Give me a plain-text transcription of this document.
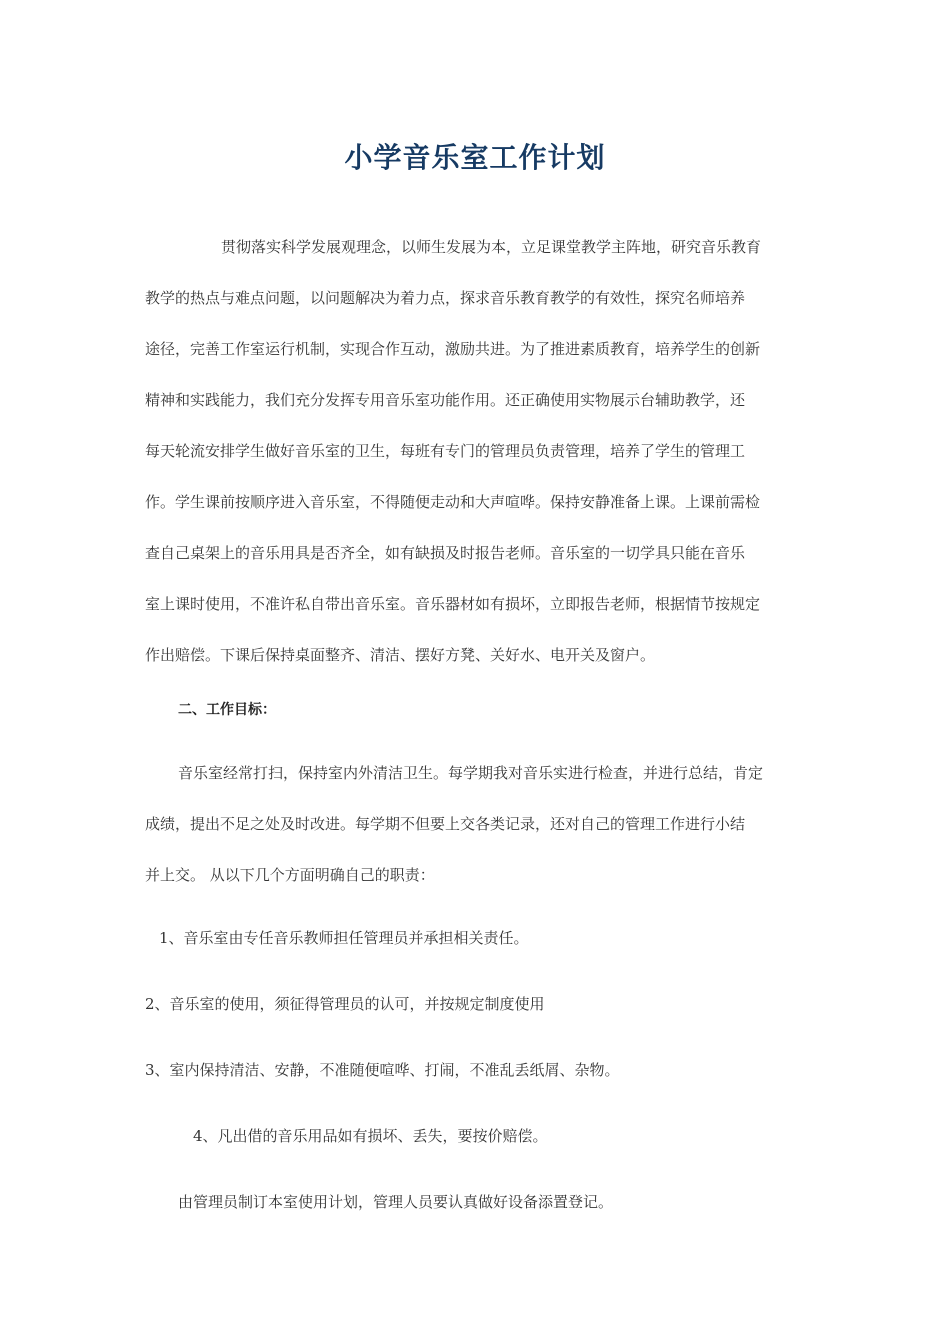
小学音乐室工作计划
贯彻落实科学发展观理念，以师生发展为本，立足课堂教学主阵地，研究音乐教育
教学的热点与难点问题，以问题解决为着力点，探求音乐教育教学的有效性，探究名师培养
途径，完善工作室运行机制，实现合作互动，激励共进。为了推进素质教育，培养学生的创新
精神和实践能力，我们充分发挥专用音乐室功能作用。还正确使用实物展示台辅助教学，还
每天轮流安排学生做好音乐室的卫生，每班有专门的管理员负责管理，培养了学生的管理工
作。学生课前按顺序进入音乐室，不得随便走动和大声喧哗。保持安静准备上课。上课前需检
查自己桌架上的音乐用具是否齐全，如有缺损及时报告老师。音乐室的一切学具只能在音乐
室上课时使用，不准许私自带出音乐室。音乐器材如有损坏，立即报告老师，根据情节按规定
作出赔偿。下课后保持桌面整齐、清洁、摆好方凳、关好水、电开关及窗户。
二、工作目标：
音乐室经常打扫，保持室内外清洁卫生。每学期我对音乐实进行检查，并进行总结，肯定
成绩，提出不足之处及时改进。每学期不但要上交各类记录，还对自己的管理工作进行小结
并上交。 从以下几个方面明确自己的职责：
1、音乐室由专任音乐教师担任管理员并承担相关责任。
2、音乐室的使用，须征得管理员的认可，并按规定制度使用
3、室内保持清洁、安静，不准随便喧哗、打闹，不准乱丢纸屑、杂物。
4、凡出借的音乐用品如有损坏、丢失，要按价赔偿。
由管理员制订本室使用计划，管理人员要认真做好设备添置登记。
